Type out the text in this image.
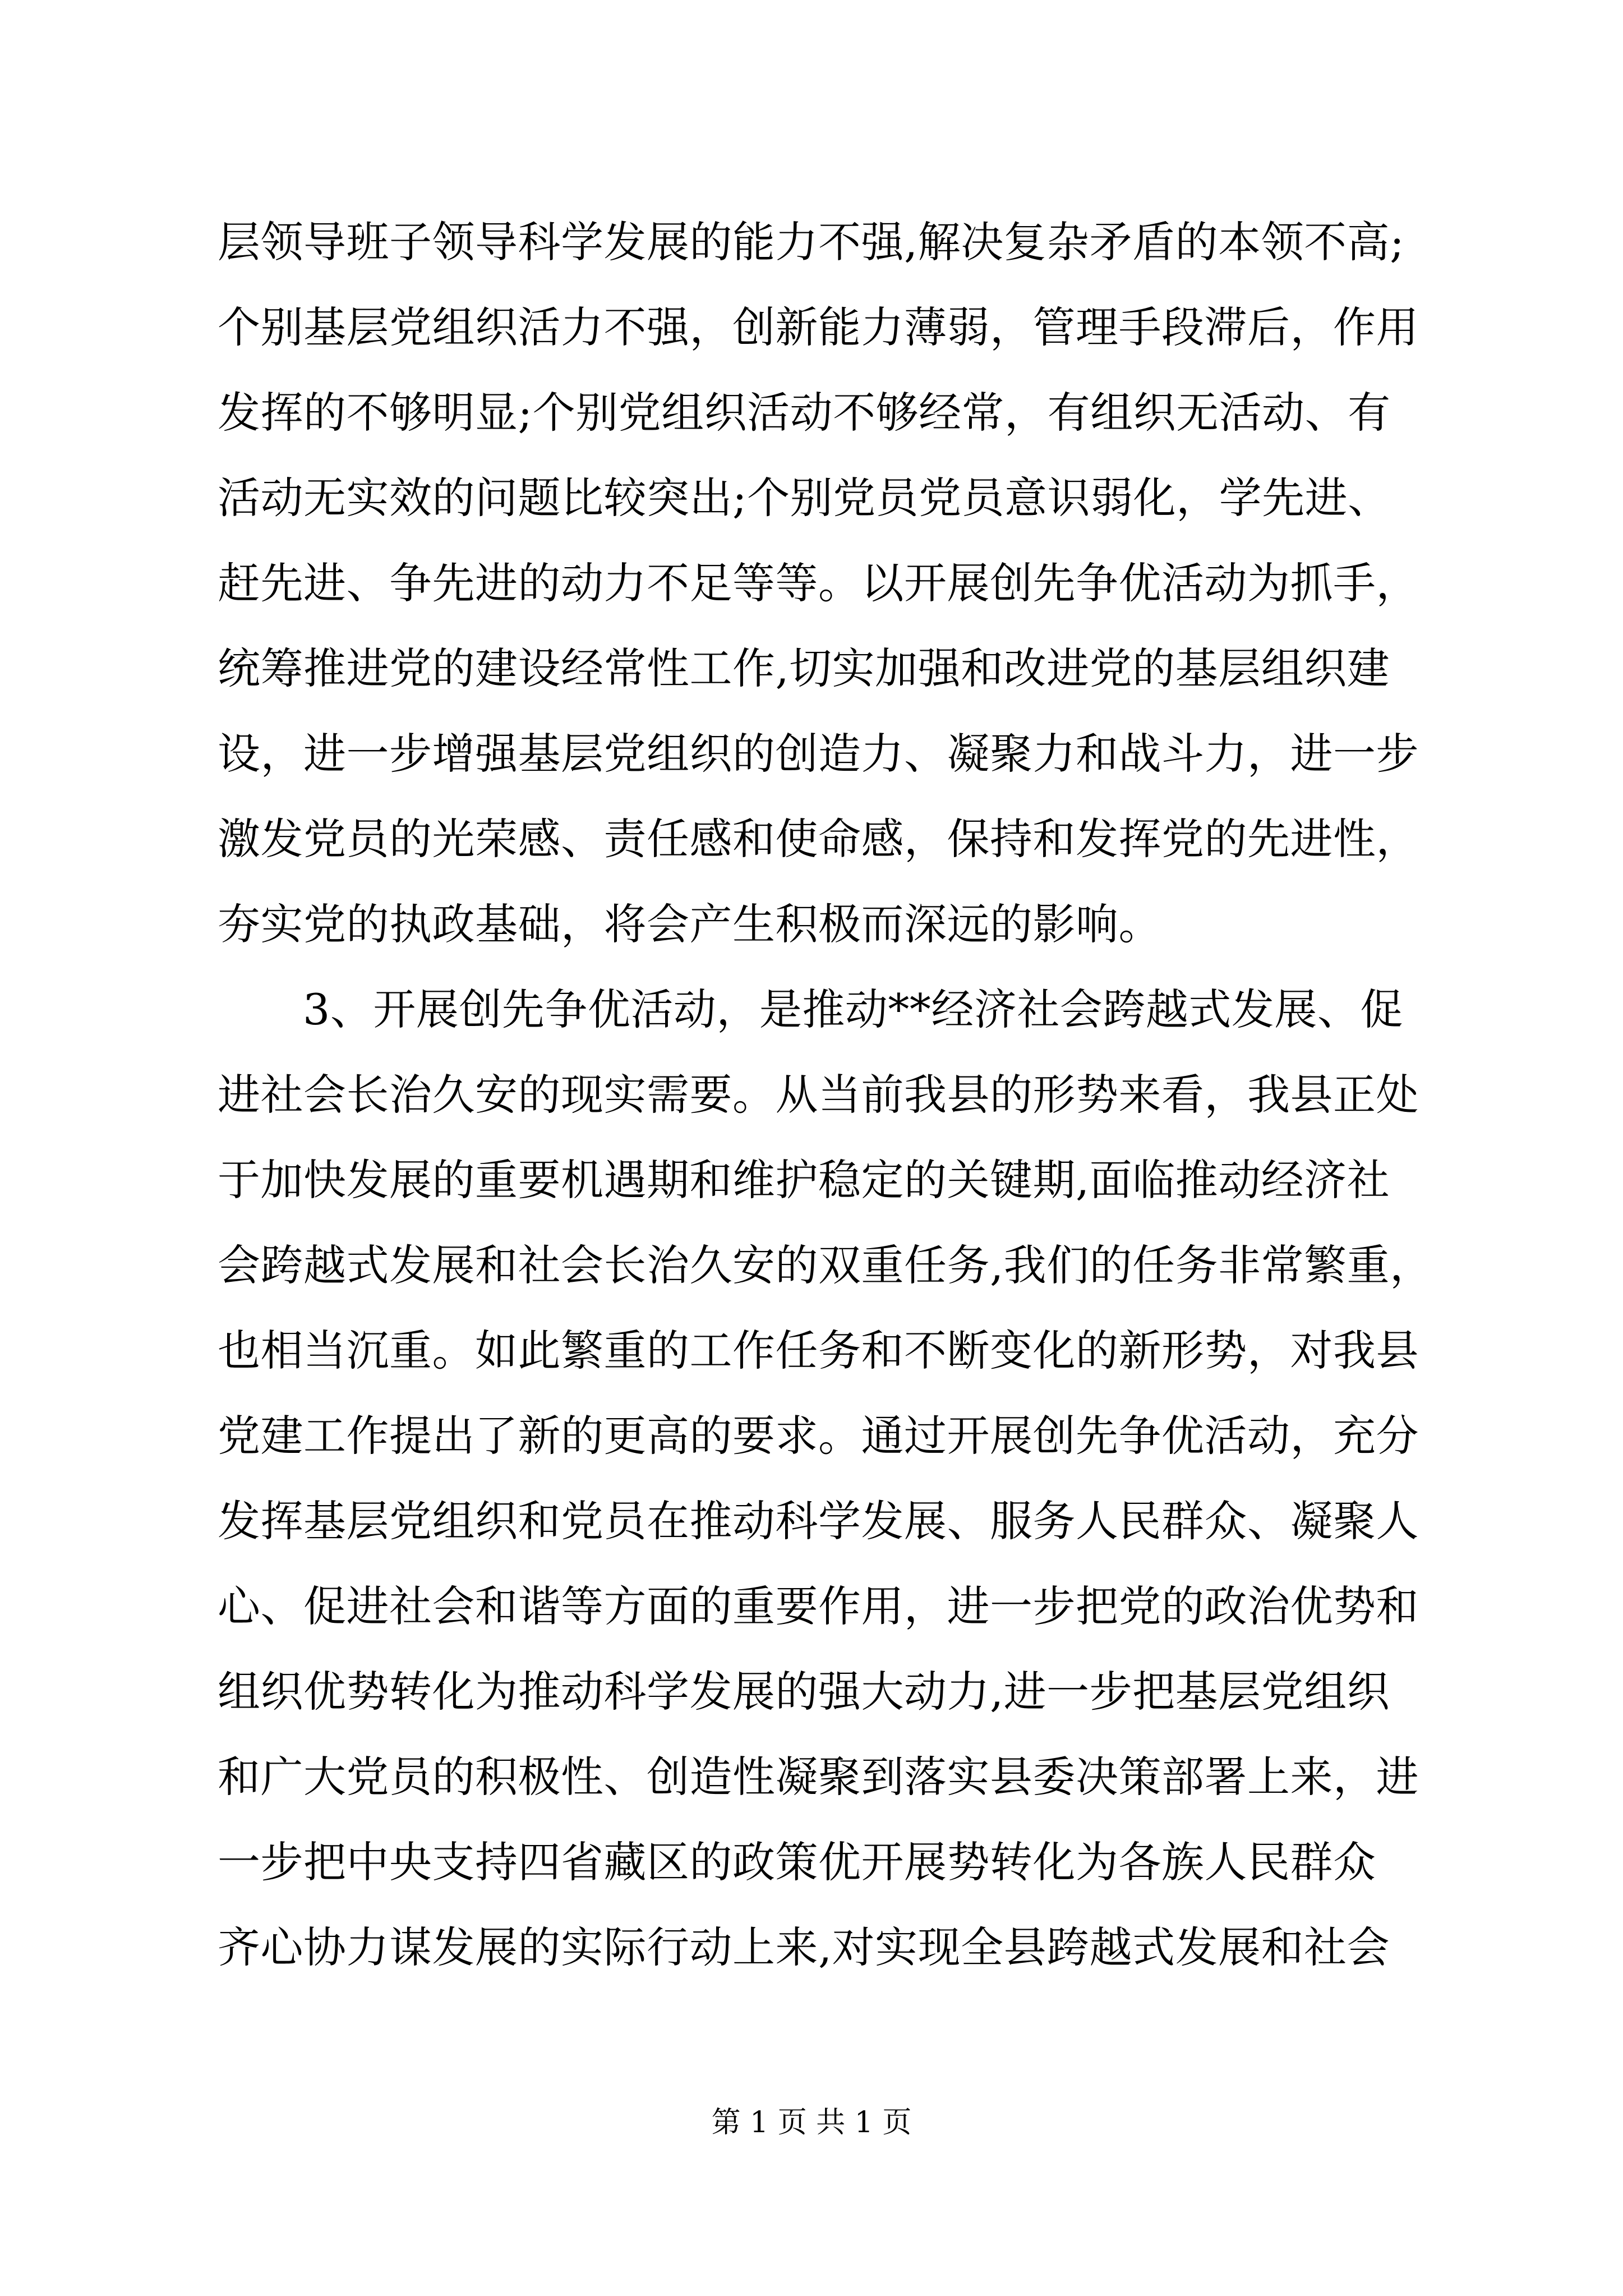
层领导班子领导科学发展的能力不强,解决复杂矛盾的本领不高;
个别基层党组织活力不强，创新能力薄弱，管理手段滞后，作用
发挥的不够明显;个别党组织活动不够经常，有组织无活动、有
活动无实效的问题比较突出;个别党员党员意识弱化，学先进、
赶先进、争先进的动力不足等等。以开展创先争优活动为抓手，
统筹推进党的建设经常性工作,切实加强和改进党的基层组织建
设，进一步增强基层党组织的创造力、凝聚力和战斗力，进一步
激发党员的光荣感、责任感和使命感，保持和发挥党的先进性，
夯实党的执政基础，将会产生积极而深远的影响。
3、开展创先争优活动，是推动**经济社会跨越式发展、促
进社会长治久安的现实需要。从当前我县的形势来看，我县正处
于加快发展的重要机遇期和维护稳定的关键期,面临推动经济社
会跨越式发展和社会长治久安的双重任务,我们的任务非常繁重，
也相当沉重。如此繁重的工作任务和不断变化的新形势，对我县
党建工作提出了新的更高的要求。通过开展创先争优活动，充分
发挥基层党组织和党员在推动科学发展、服务人民群众、凝聚人
心、促进社会和谐等方面的重要作用，进一步把党的政治优势和
组织优势转化为推动科学发展的强大动力,进一步把基层党组织
和广大党员的积极性、创造性凝聚到落实县委决策部署上来，进
一步把中央支持四省藏区的政策优开展势转化为各族人民群众
齐心协力谋发展的实际行动上来,对实现全县跨越式发展和社会
第 1 页 共 1 页
